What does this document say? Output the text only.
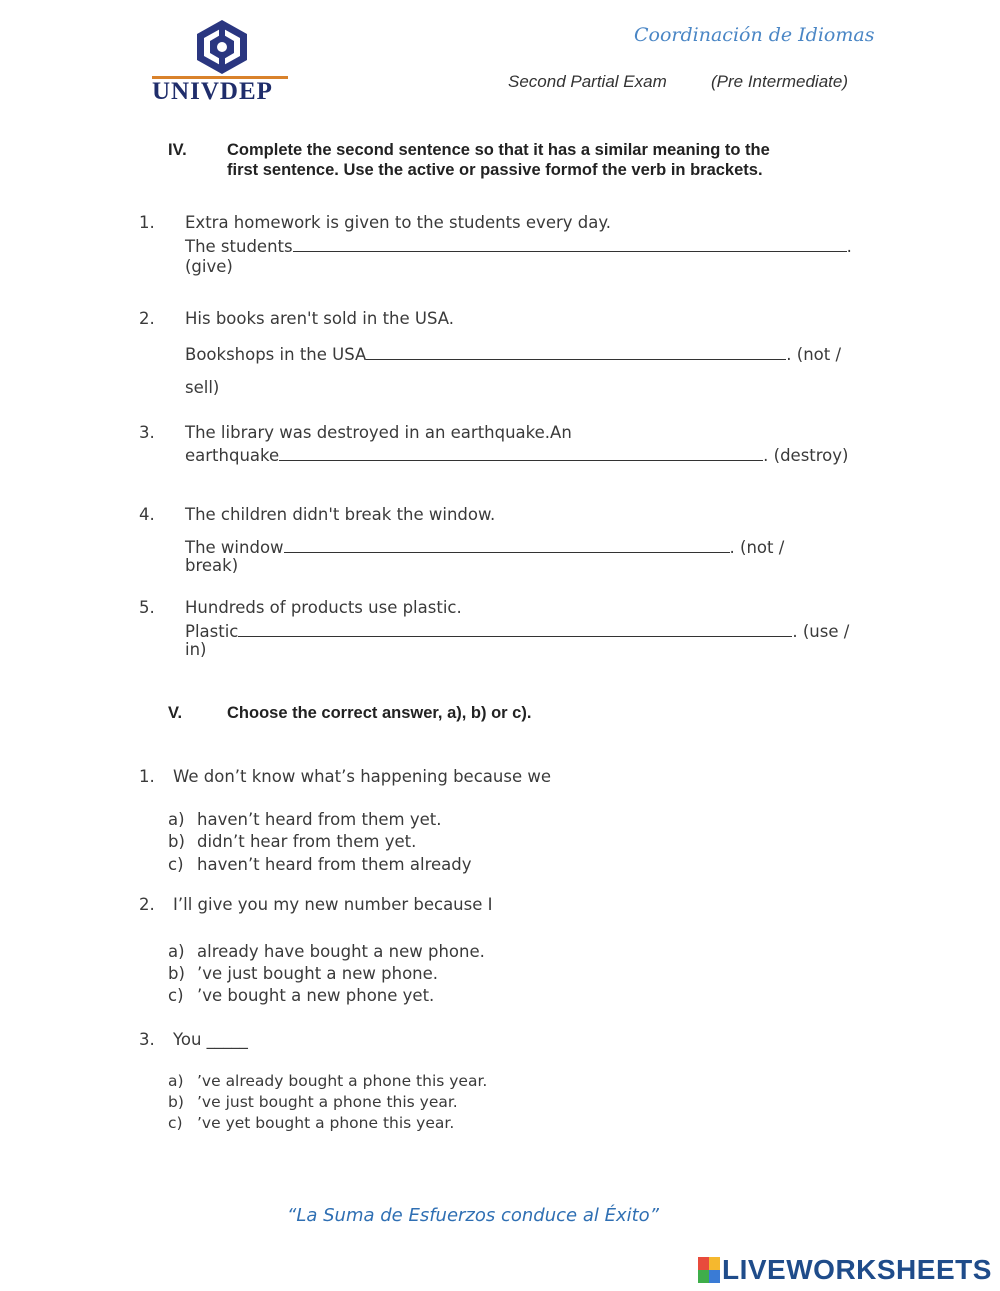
UNIVDEP
Coordinación de Idiomas
Second Partial Exam	(Pre Intermediate)
IV. Complete the second sentence so that it has a similar meaning to the
first sentence. Use the active or passive formof the verb in brackets.
1. Extra homework is given to the students every day.
The students	.
(give)
2. His books aren't sold in the USA.
Bookshops in the USA	. (not /
sell)
3. The library was destroyed in an earthquake.An
earthquake	. (destroy)
4. The children didn't break the window.
The window	. (not /
break)
5. Hundreds of products use plastic.
Plastic	. (use /
in)
V.	Choose the correct answer, a), b) or c).
1. We don’t know what’s happening because we
a) haven’t heard from them yet.
b) didn’t hear from them yet.
c) haven’t heard from them already
2. I’ll give you my new number because I
a) already have bought a new phone.
b) ’ve just bought a new phone.
c) ’ve bought a new phone yet.
3. You _____
a) ’ve already bought a phone this year.
b) ’ve just bought a phone this year.
c) ’ve yet bought a phone this year.
“La Suma de Esfuerzos conduce al Éxito”
LIVEWORKSHEETS
